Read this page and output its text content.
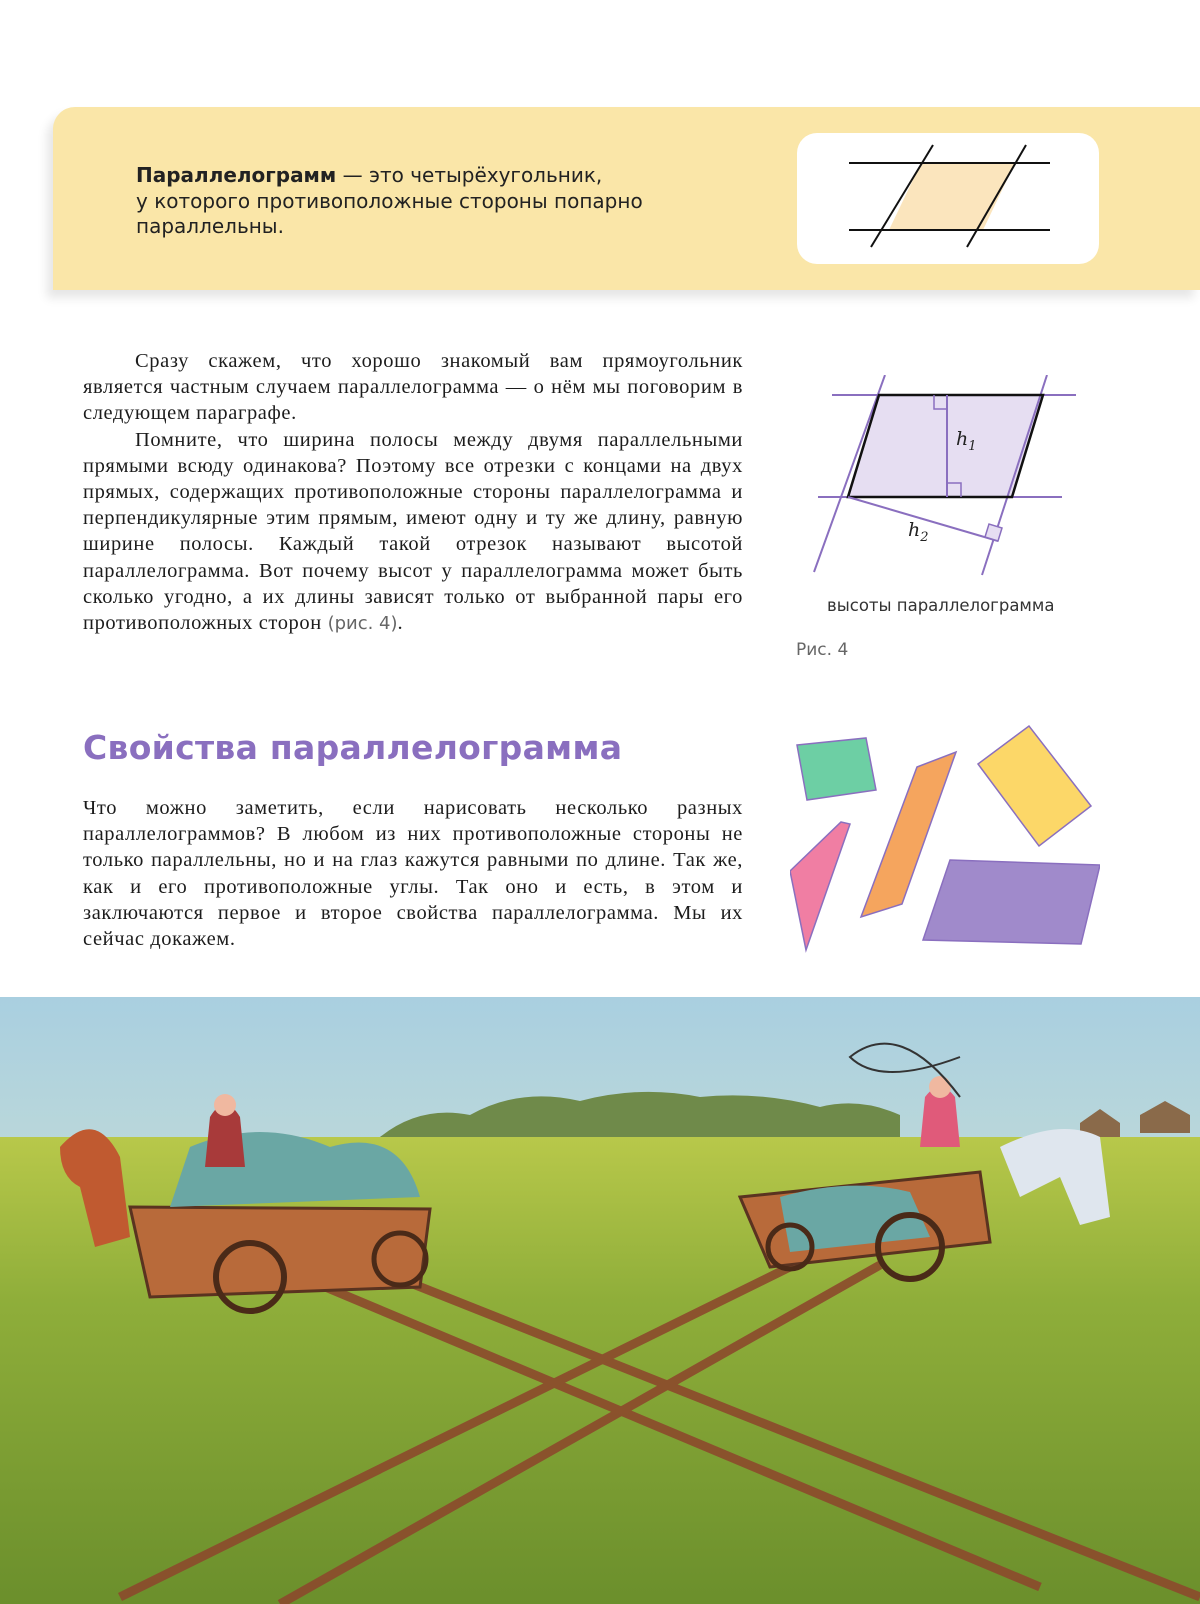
Параллелограмм — это четырёхугольник,
у которого противоположные стороны попарно
параллельны.

Сразу скажем, что хорошо знакомый вам прямоугольник является частным случаем параллелограмма — о нём мы поговорим в следующем параграфе.

Помните, что ширина полосы между двумя параллельными прямыми всюду одинакова? Поэтому все отрезки с концами на двух прямых, содержащих противоположные стороны параллелограмма и перпендикулярные этим прямым, имеют одну и ту же длину, равную ширине полосы. Каждый такой отрезок называют высотой параллелограмма. Вот почему высот у параллелограмма может быть сколько угодно, а их длины зависят только от выбранной пары его противоположных сторон (рис. 4).

$h_1$
$h_2$
высоты параллелограмма
Рис. 4
Свойства параллелограмма

Что можно заметить, если нарисовать несколько разных параллелограммов? В любом из них противоположные стороны не только параллельны, но и на глаз кажутся равными по длине. Так же, как и его противоположные углы. Так оно и есть, в этом и заключаются первое и второе свойства параллелограмма. Мы их сейчас докажем.
